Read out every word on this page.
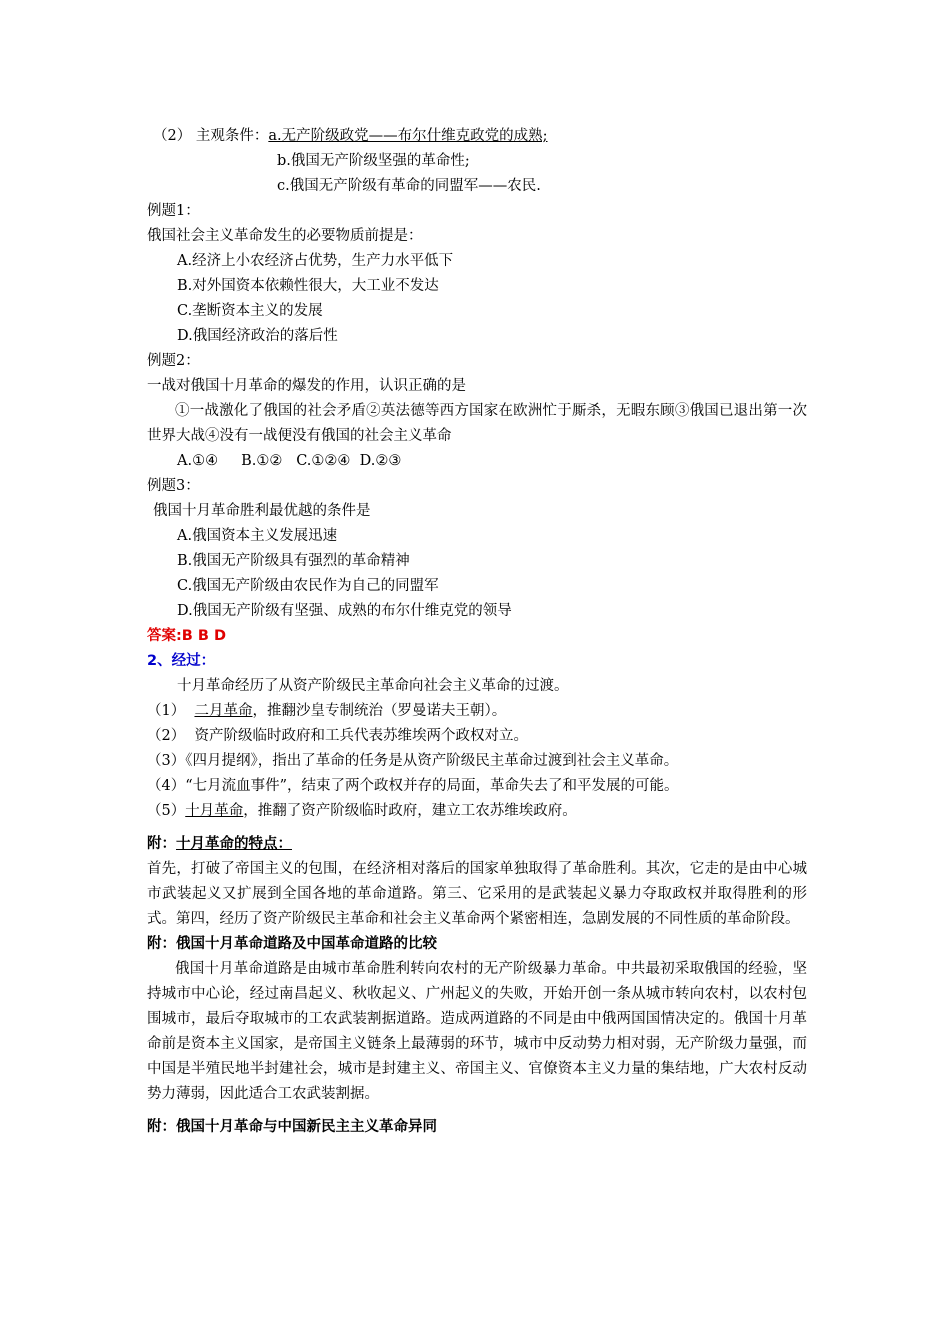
（2） 主观条件：a.无产阶级政党——布尔什维克政党的成熟;
b.俄国无产阶级坚强的革命性;
c.俄国无产阶级有革命的同盟军——农民.
例题1：
俄国社会主义革命发生的必要物质前提是：
A.经济上小农经济占优势，生产力水平低下
B.对外国资本依赖性很大，大工业不发达
C.垄断资本主义的发展
D.俄国经济政治的落后性
例题2：
一战对俄国十月革命的爆发的作用，认识正确的是
①一战激化了俄国的社会矛盾②英法德等西方国家在欧洲忙于厮杀，无暇东顾③俄国已退出第一次世界大战④没有一战便没有俄国的社会主义革命
A.①④     B.①②   C.①②④  D.②③
例题3：
俄国十月革命胜利最优越的条件是
A.俄国资本主义发展迅速
B.俄国无产阶级具有强烈的革命精神
C.俄国无产阶级由农民作为自己的同盟军
D.俄国无产阶级有坚强、成熟的布尔什维克党的领导
答案:B B D
2、经过：
十月革命经历了从资产阶级民主革命向社会主义革命的过渡。
（1）  二月革命，推翻沙皇专制统治（罗曼诺夫王朝）。
（2）  资产阶级临时政府和工兵代表苏维埃两个政权对立。
（3）《四月提纲》，指出了革命的任务是从资产阶级民主革命过渡到社会主义革命。
（4）“七月流血事件”，结束了两个政权并存的局面，革命失去了和平发展的可能。
（5）十月革命，推翻了资产阶级临时政府，建立工农苏维埃政府。
附：十月革命的特点：
首先，打破了帝国主义的包围，在经济相对落后的国家单独取得了革命胜利。其次，它走的是由中心城市武装起义又扩展到全国各地的革命道路。第三、它采用的是武装起义暴力夺取政权并取得胜利的形式。第四，经历了资产阶级民主革命和社会主义革命两个紧密相连，急剧发展的不同性质的革命阶段。
附：俄国十月革命道路及中国革命道路的比较
俄国十月革命道路是由城市革命胜利转向农村的无产阶级暴力革命。中共最初采取俄国的经验，坚持城市中心论，经过南昌起义、秋收起义、广州起义的失败，开始开创一条从城市转向农村，以农村包围城市，最后夺取城市的工农武装割据道路。造成两道路的不同是由中俄两国国情决定的。俄国十月革命前是资本主义国家，是帝国主义链条上最薄弱的环节，城市中反动势力相对弱，无产阶级力量强，而中国是半殖民地半封建社会，城市是封建主义、帝国主义、官僚资本主义力量的集结地，广大农村反动势力薄弱，因此适合工农武装割据。
附：俄国十月革命与中国新民主主义革命异同
